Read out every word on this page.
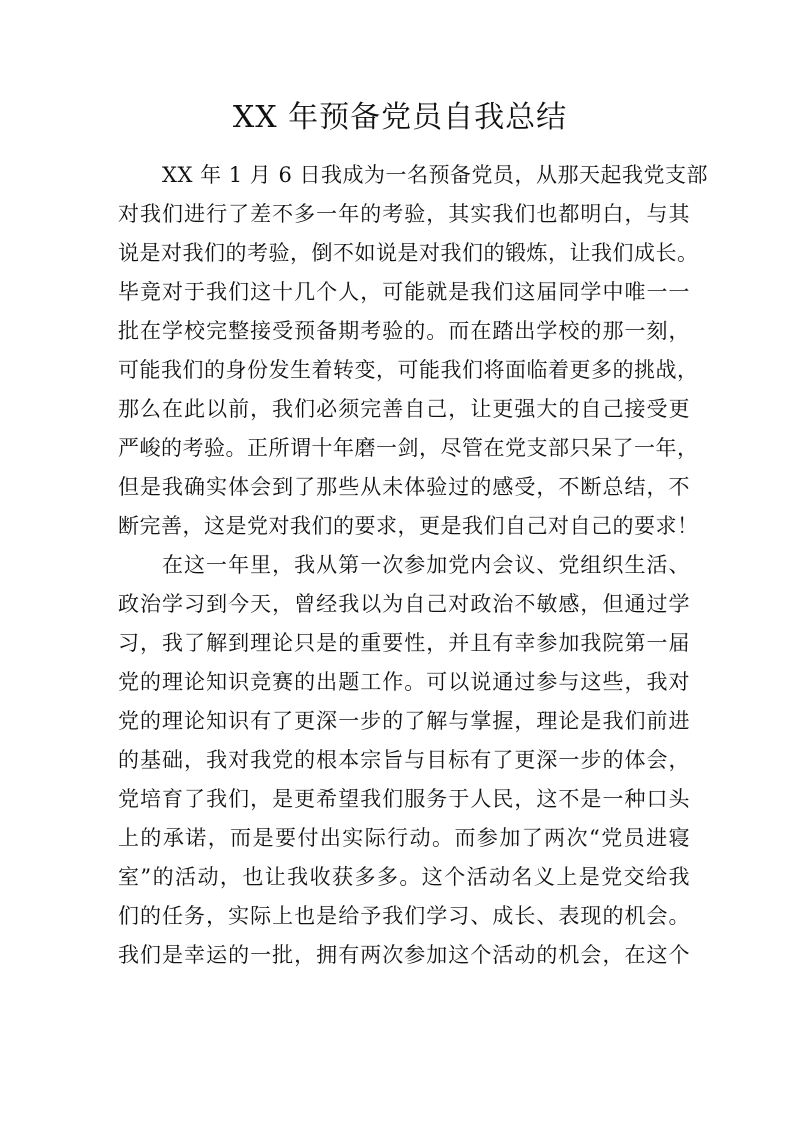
XX 年预备党员自我总结
XX 年 1 月 6 日我成为一名预备党员，从那天起我党支部
对我们进行了差不多一年的考验，其实我们也都明白，与其
说是对我们的考验，倒不如说是对我们的锻炼，让我们成长。
毕竟对于我们这十几个人，可能就是我们这届同学中唯一一
批在学校完整接受预备期考验的。而在踏出学校的那一刻，
可能我们的身份发生着转变，可能我们将面临着更多的挑战，
那么在此以前，我们必须完善自己，让更强大的自己接受更
严峻的考验。正所谓十年磨一剑，尽管在党支部只呆了一年，
但是我确实体会到了那些从未体验过的感受，不断总结，不
断完善，这是党对我们的要求，更是我们自己对自己的要求！
在这一年里，我从第一次参加党内会议、党组织生活、
政治学习到今天，曾经我以为自己对政治不敏感，但通过学
习，我了解到理论只是的重要性，并且有幸参加我院第一届
党的理论知识竞赛的出题工作。可以说通过参与这些，我对
党的理论知识有了更深一步的了解与掌握，理论是我们前进
的基础，我对我党的根本宗旨与目标有了更深一步的体会，
党培育了我们，是更希望我们服务于人民，这不是一种口头
上的承诺，而是要付出实际行动。而参加了两次“党员进寝
室”的活动，也让我收获多多。这个活动名义上是党交给我
们的任务，实际上也是给予我们学习、成长、表现的机会。
我们是幸运的一批，拥有两次参加这个活动的机会，在这个
